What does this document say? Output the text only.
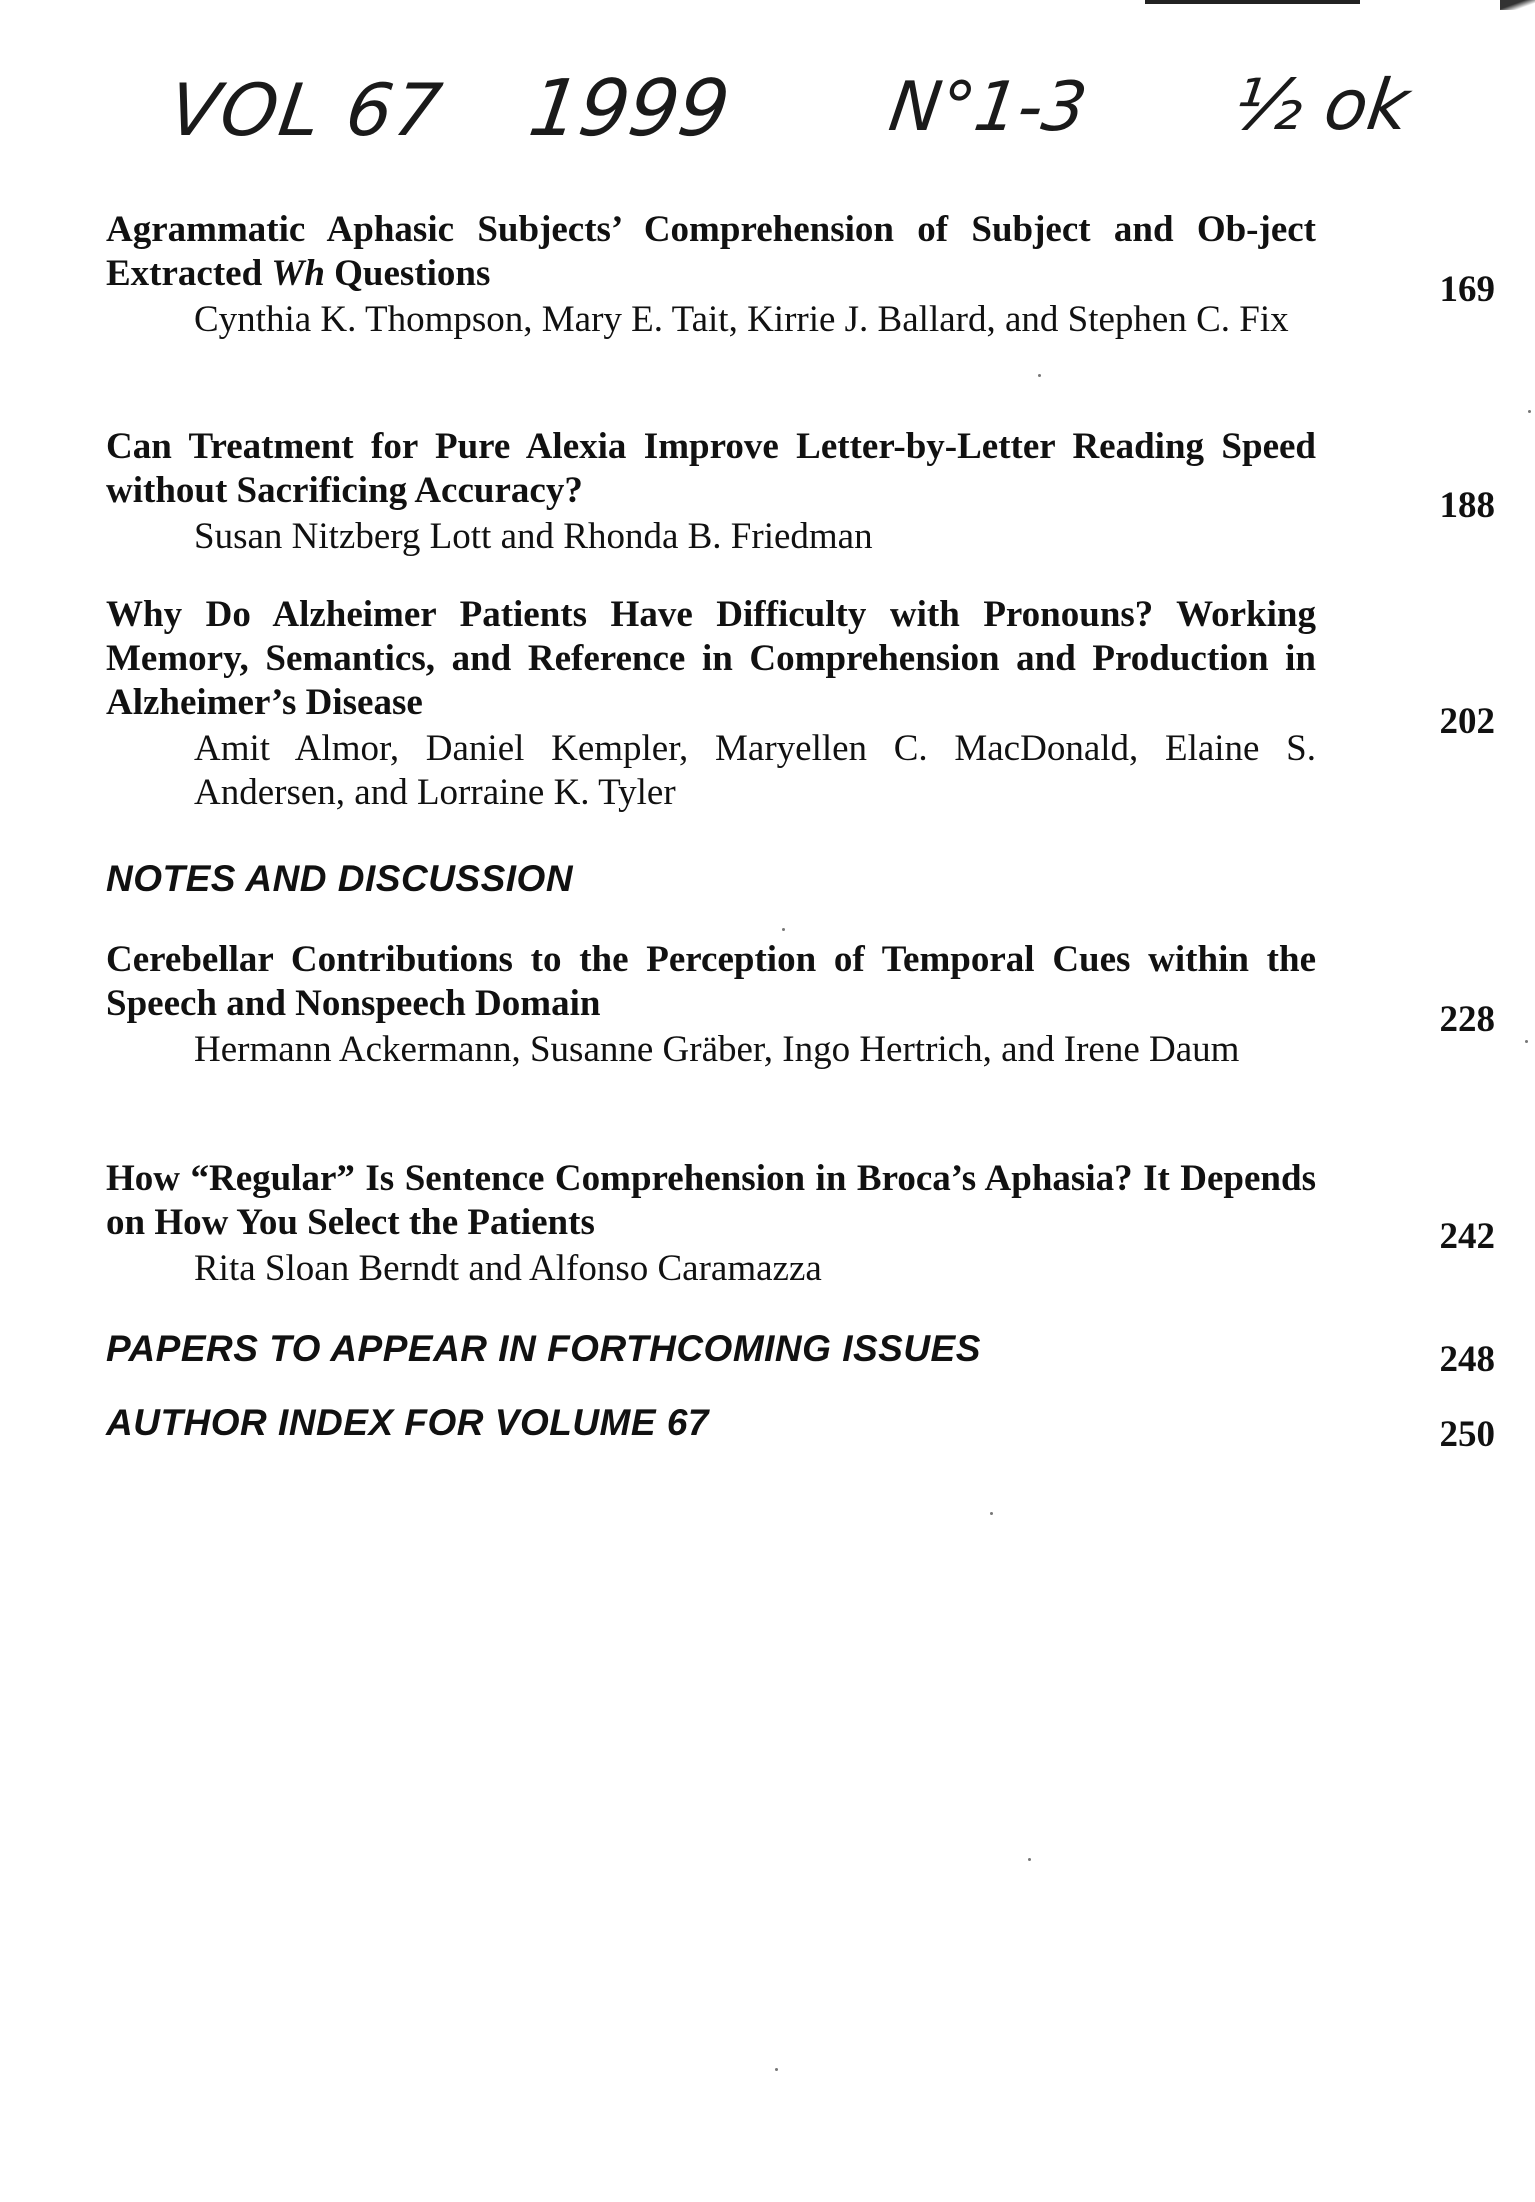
VOL 67 1999 N°1-3 ½ ok

Agrammatic Aphasic Subjects’ Comprehension of Subject and Ob-ject Extracted Wh Questions

Cynthia K. Thompson, Mary E. Tait, Kirrie J. Ballard, and Stephen C. Fix
169

Can Treatment for Pure Alexia Improve Letter-by-Letter Reading Speed without Sacrificing Accuracy?

Susan Nitzberg Lott and Rhonda B. Friedman
188

Why Do Alzheimer Patients Have Difficulty with Pronouns? Working Memory, Semantics, and Reference in Comprehension and Production in Alzheimer’s Disease

Amit Almor, Daniel Kempler, Maryellen C. MacDonald, Elaine S. Andersen, and Lorraine K. Tyler
202
NOTES AND DISCUSSION

Cerebellar Contributions to the Perception of Temporal Cues within the Speech and Nonspeech Domain

Hermann Ackermann, Susanne Gräber, Ingo Hertrich, and Irene Daum
228

How “Regular” Is Sentence Comprehension in Broca’s Aphasia? It Depends on How You Select the Patients

Rita Sloan Berndt and Alfonso Caramazza
242
PAPERS TO APPEAR IN FORTHCOMING ISSUES	248
AUTHOR INDEX FOR VOLUME 67	250
